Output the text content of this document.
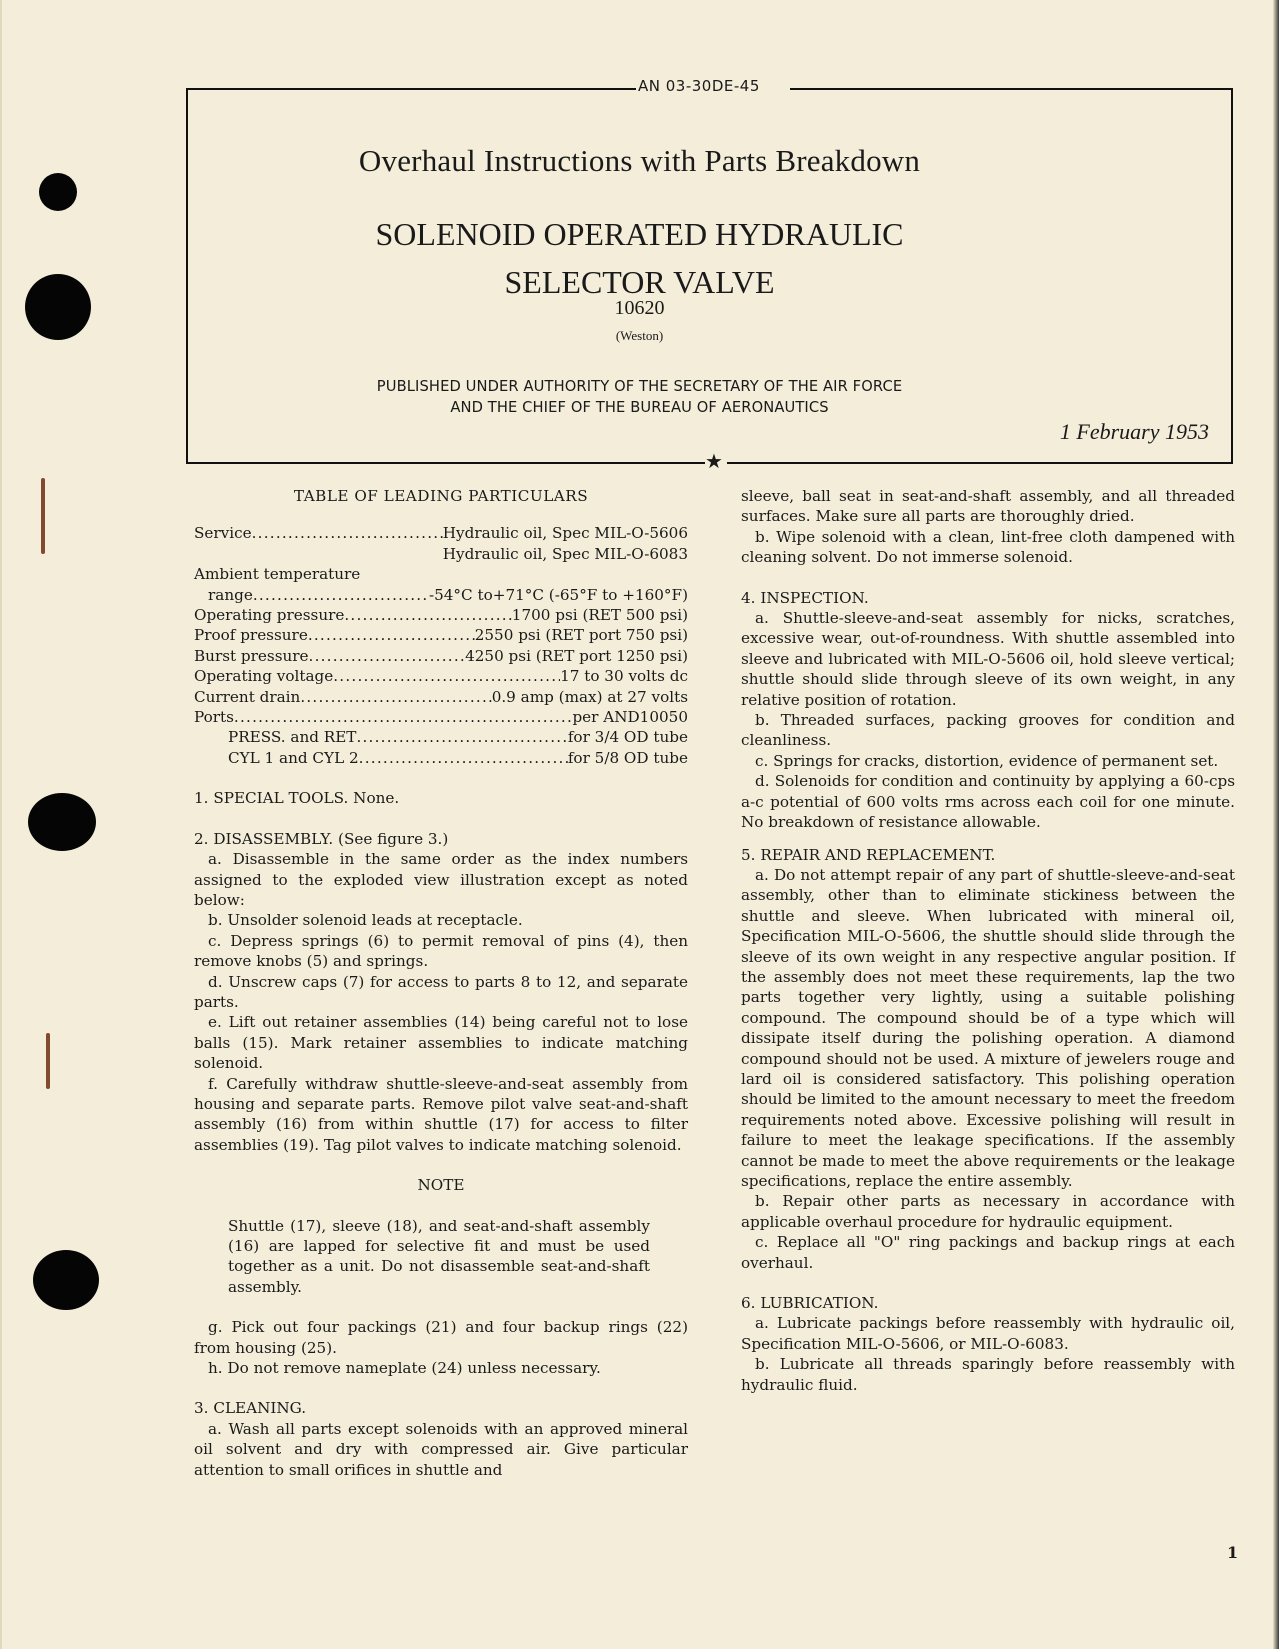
AN 03-30DE-45
Overhaul Instructions with Parts Breakdown
SOLENOID OPERATED HYDRAULIC
SELECTOR VALVE
10620
(Weston)
PUBLISHED UNDER AUTHORITY OF THE SECRETARY OF THE AIR FORCE
AND THE CHIEF OF THE BUREAU OF AERONAUTICS
1 February 1953
★
TABLE OF LEADING PARTICULARS
Service . . .	Hydraulic oil, Spec MIL-O-5606
Hydraulic oil, Spec MIL-O-6083
Ambient temperature
range . . .	-54°C to+71°C (-65°F to +160°F)
Operating pressure . . .	1700 psi (RET 500 psi)
Proof pressure . . .	2550 psi (RET port 750 psi)
Burst pressure . . .	4250 psi (RET port 1250 psi)
Operating voltage . . .	17 to 30 volts dc
Current drain . . .	0.9 amp (max) at 27 volts
Ports . . .	per AND10050
PRESS. and RET . . .	for 3/4 OD tube
CYL 1 and CYL 2 . . .	for 5/8 OD tube
1. SPECIAL TOOLS. None.
2. DISASSEMBLY. (See figure 3.)
a. Disassemble in the same order as the index numbers assigned to the exploded view illustration except as noted below:
b. Unsolder solenoid leads at receptacle.
c. Depress springs (6) to permit removal of pins (4), then remove knobs (5) and springs.
d. Unscrew caps (7) for access to parts 8 to 12, and separate parts.
e. Lift out retainer assemblies (14) being careful not to lose balls (15). Mark retainer assemblies to indicate matching solenoid.
f. Carefully withdraw shuttle-sleeve-and-seat assembly from housing and separate parts. Remove pilot valve seat-and-shaft assembly (16) from within shuttle (17) for access to filter assemblies (19). Tag pilot valves to indicate matching solenoid.
NOTE
Shuttle (17), sleeve (18), and seat-and-shaft assembly (16) are lapped for selective fit and must be used together as a unit. Do not disassemble seat-and-shaft assembly.
g. Pick out four packings (21) and four backup rings (22) from housing (25).
h. Do not remove nameplate (24) unless necessary.
3. CLEANING.
a. Wash all parts except solenoids with an approved mineral oil solvent and dry with compressed air. Give particular attention to small orifices in shuttle and
sleeve, ball seat in seat-and-shaft assembly, and all threaded surfaces. Make sure all parts are thoroughly dried.
b. Wipe solenoid with a clean, lint-free cloth dampened with cleaning solvent. Do not immerse solenoid.
4. INSPECTION.
a. Shuttle-sleeve-and-seat assembly for nicks, scratches, excessive wear, out-of-roundness. With shuttle assembled into sleeve and lubricated with MIL-O-5606 oil, hold sleeve vertical; shuttle should slide through sleeve of its own weight, in any relative position of rotation.
b. Threaded surfaces, packing grooves for condition and cleanliness.
c. Springs for cracks, distortion, evidence of permanent set.
d. Solenoids for condition and continuity by applying a 60-cps a-c potential of 600 volts rms across each coil for one minute. No breakdown of resistance allowable.
5. REPAIR AND REPLACEMENT.
a. Do not attempt repair of any part of shuttle-sleeve-and-seat assembly, other than to eliminate stickiness between the shuttle and sleeve. When lubricated with mineral oil, Specification MIL-O-5606, the shuttle should slide through the sleeve of its own weight in any respective angular position. If the assembly does not meet these requirements, lap the two parts together very lightly, using a suitable polishing compound. The compound should be of a type which will dissipate itself during the polishing operation. A diamond compound should not be used. A mixture of jewelers rouge and lard oil is considered satisfactory. This polishing operation should be limited to the amount necessary to meet the freedom requirements noted above. Excessive polishing will result in failure to meet the leakage specifications. If the assembly cannot be made to meet the above requirements or the leakage specifications, replace the entire assembly.
b. Repair other parts as necessary in accordance with applicable overhaul procedure for hydraulic equipment.
c. Replace all "O" ring packings and backup rings at each overhaul.
6. LUBRICATION.
a. Lubricate packings before reassembly with hydraulic oil, Specification MIL-O-5606, or MIL-O-6083.
b. Lubricate all threads sparingly before reassembly with hydraulic fluid.
1
